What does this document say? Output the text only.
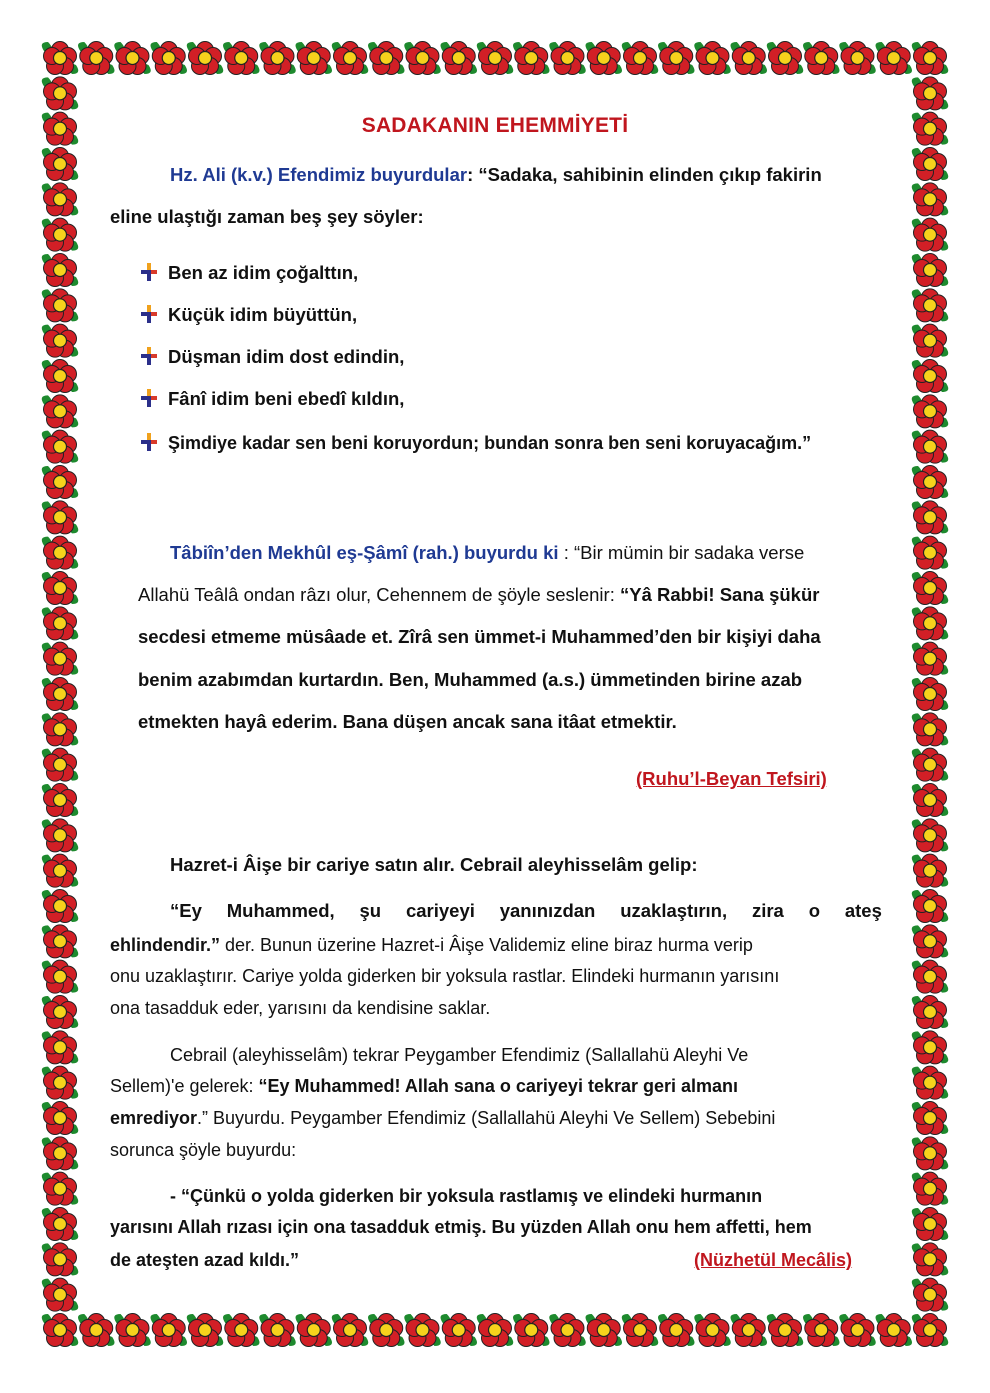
SADAKANIN EHEMMİYETİ
Hz. Ali (k.v.) Efendimiz buyurdular: “Sadaka, sahibinin elinden çıkıp fakirin
eline ulaştığı zaman beş şey söyler:
Ben az idim çoğalttın,
Küçük idim büyüttün,
Düşman idim dost edindin,
Fânî idim beni ebedî kıldın,
Şimdiye kadar sen beni koruyordun; bundan sonra ben seni koruyacağım.”
Tâbiîn’den Mekhûl eş-Şâmî (rah.) buyurdu ki : “Bir mümin bir sadaka verse
Allahü Teâlâ ondan râzı olur, Cehennem de şöyle seslenir: “Yâ Rabbi! Sana şükür
secdesi etmeme müsâade et. Zîrâ sen ümmet-i Muhammed’den bir kişiyi daha
benim azabımdan kurtardın. Ben, Muhammed (a.s.) ümmetinden birine azab
etmekten hayâ ederim. Bana düşen ancak sana itâat etmektir.
(Ruhu’l-Beyan Tefsiri)
Hazret-i Âişe bir cariye satın alır. Cebrail aleyhisselâm gelip:
“Ey Muhammed, şu cariyeyi yanınızdan uzaklaştırın, zira o ateş
ehlindendir.” der. Bunun üzerine Hazret-i Âişe Validemiz eline biraz hurma verip
onu uzaklaştırır. Cariye yolda giderken bir yoksula rastlar. Elindeki hurmanın yarısını
ona tasadduk eder, yarısını da kendisine saklar.
Cebrail (aleyhisselâm) tekrar Peygamber Efendimiz (Sallallahü Aleyhi Ve
Sellem)'e gelerek: “Ey Muhammed! Allah sana o cariyeyi tekrar geri almanı
emrediyor.” Buyurdu. Peygamber Efendimiz (Sallallahü Aleyhi Ve Sellem) Sebebini
sorunca şöyle buyurdu:
- “Çünkü o yolda giderken bir yoksula rastlamış ve elindeki hurmanın
yarısını Allah rızası için ona tasadduk etmiş. Bu yüzden Allah onu hem affetti, hem
de ateşten azad kıldı.”	(Nüzhetül Mecâlis)
